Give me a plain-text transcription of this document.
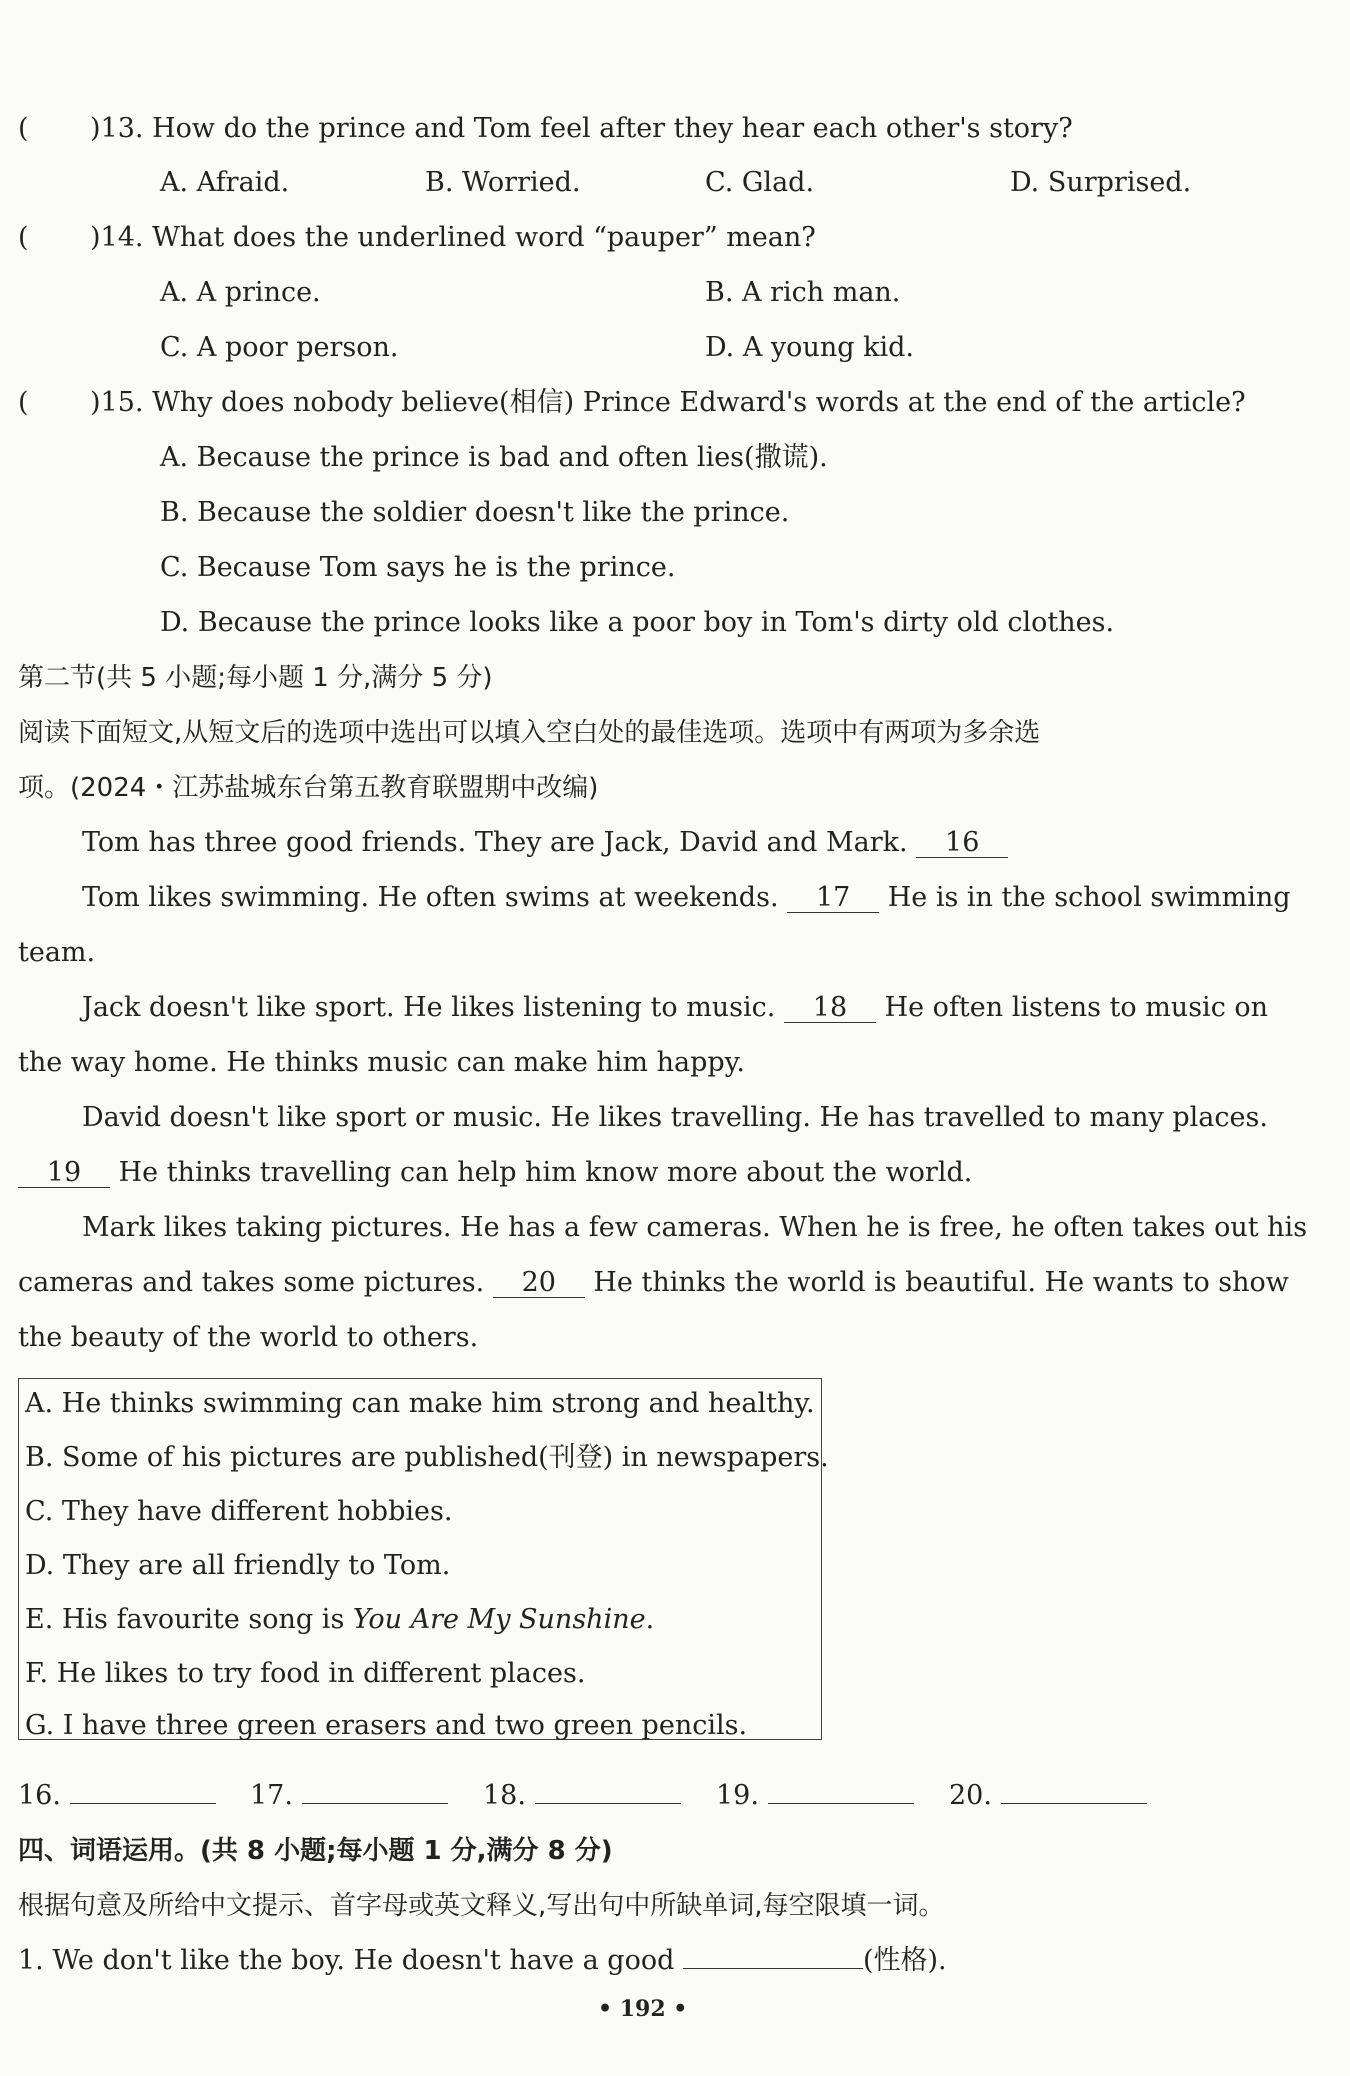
( )13. How do the prince and Tom feel after they hear each other's story?
A. Afraid.	B. Worried.	C. Glad.	D. Surprised.
( )14. What does the underlined word “pauper” mean?
A. A prince.	B. A rich man.
C. A poor person.	D. A young kid.
( )15. Why does nobody believe(相信) Prince Edward's words at the end of the article?
A. Because the prince is bad and often lies(撒谎).
B. Because the soldier doesn't like the prince.
C. Because Tom says he is the prince.
D. Because the prince looks like a poor boy in Tom's dirty old clothes.
第二节(共 5 小题;每小题 1 分,满分 5 分)
阅读下面短文,从短文后的选项中选出可以填入空白处的最佳选项。选项中有两项为多余选
项。(2024・江苏盐城东台第五教育联盟期中改编)
Tom has three good friends. They are Jack, David and Mark. 16
Tom likes swimming. He often swims at weekends. 17 He is in the school swimming
team.
Jack doesn't like sport. He likes listening to music. 18 He often listens to music on
the way home. He thinks music can make him happy.
David doesn't like sport or music. He likes travelling. He has travelled to many places.
19 He thinks travelling can help him know more about the world.
Mark likes taking pictures. He has a few cameras. When he is free, he often takes out his
cameras and takes some pictures. 20 He thinks the world is beautiful. He wants to show
the beauty of the world to others.
A. He thinks swimming can make him strong and healthy.
B. Some of his pictures are published(刊登) in newspapers.
C. They have different hobbies.
D. They are all friendly to Tom.
E. His favourite song is You Are My Sunshine.
F. He likes to try food in different places.
G. I have three green erasers and two green pencils.
16.	17.	18.	19.	20.
四、词语运用。(共 8 小题;每小题 1 分,满分 8 分)
根据句意及所给中文提示、首字母或英文释义,写出句中所缺单词,每空限填一词。
1. We don't like the boy. He doesn't have a good	(性格).
• 192 •
